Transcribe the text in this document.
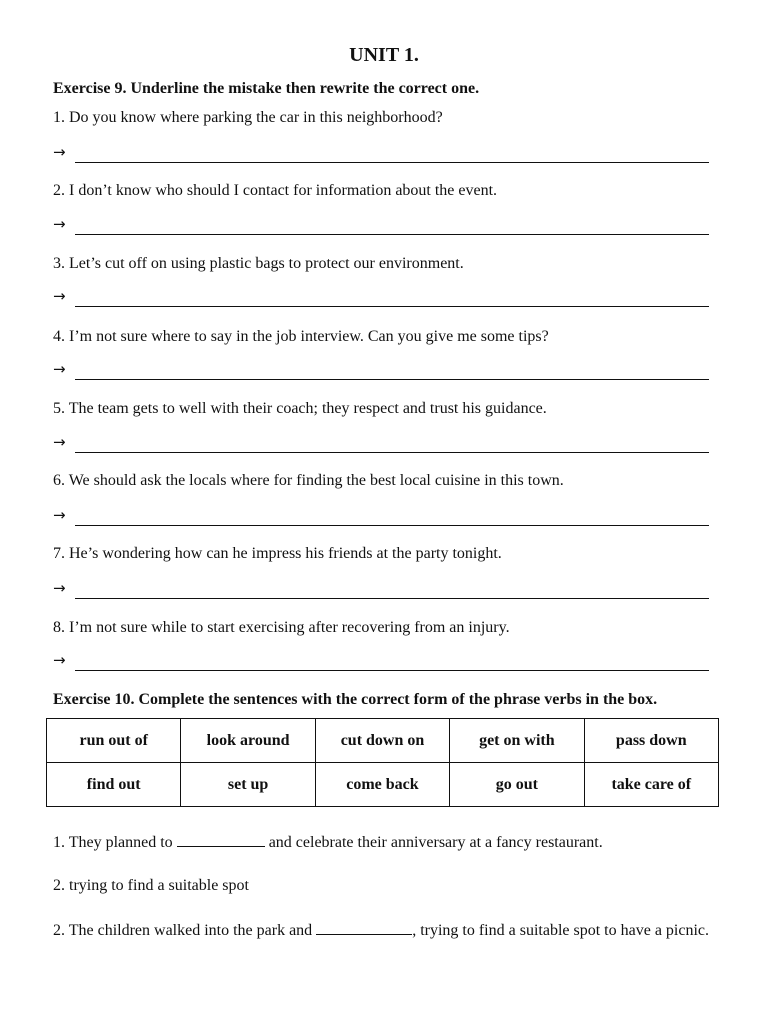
UNIT 1.
Exercise 9. Underline the mistake then rewrite the correct one.
1. Do you know where parking the car in this neighborhood?
→
2. I don’t know who should I contact for information about the event.
→
3. Let’s cut off on using plastic bags to protect our environment.
→
4. I’m not sure where to say in the job interview. Can you give me some tips?
→
5. The team gets to well with their coach; they respect and trust his guidance.
→
6. We should ask the locals where for finding the best local cuisine in this town.
→
7. He’s wondering how can he impress his friends at the party tonight.
→
8. I’m not sure while to start exercising after recovering from an injury.
→
Exercise 10. Complete the sentences with the correct form of the phrase verbs in the box.
run out of	look around	cut down on	get on with	pass down
find out	set up	come back	go out	take care of
1. They planned to	and celebrate their anniversary at a fancy restaurant.
2. trying to find a suitable spot
2. The children walked into the park and	, trying to find a suitable spot to have a picnic.
